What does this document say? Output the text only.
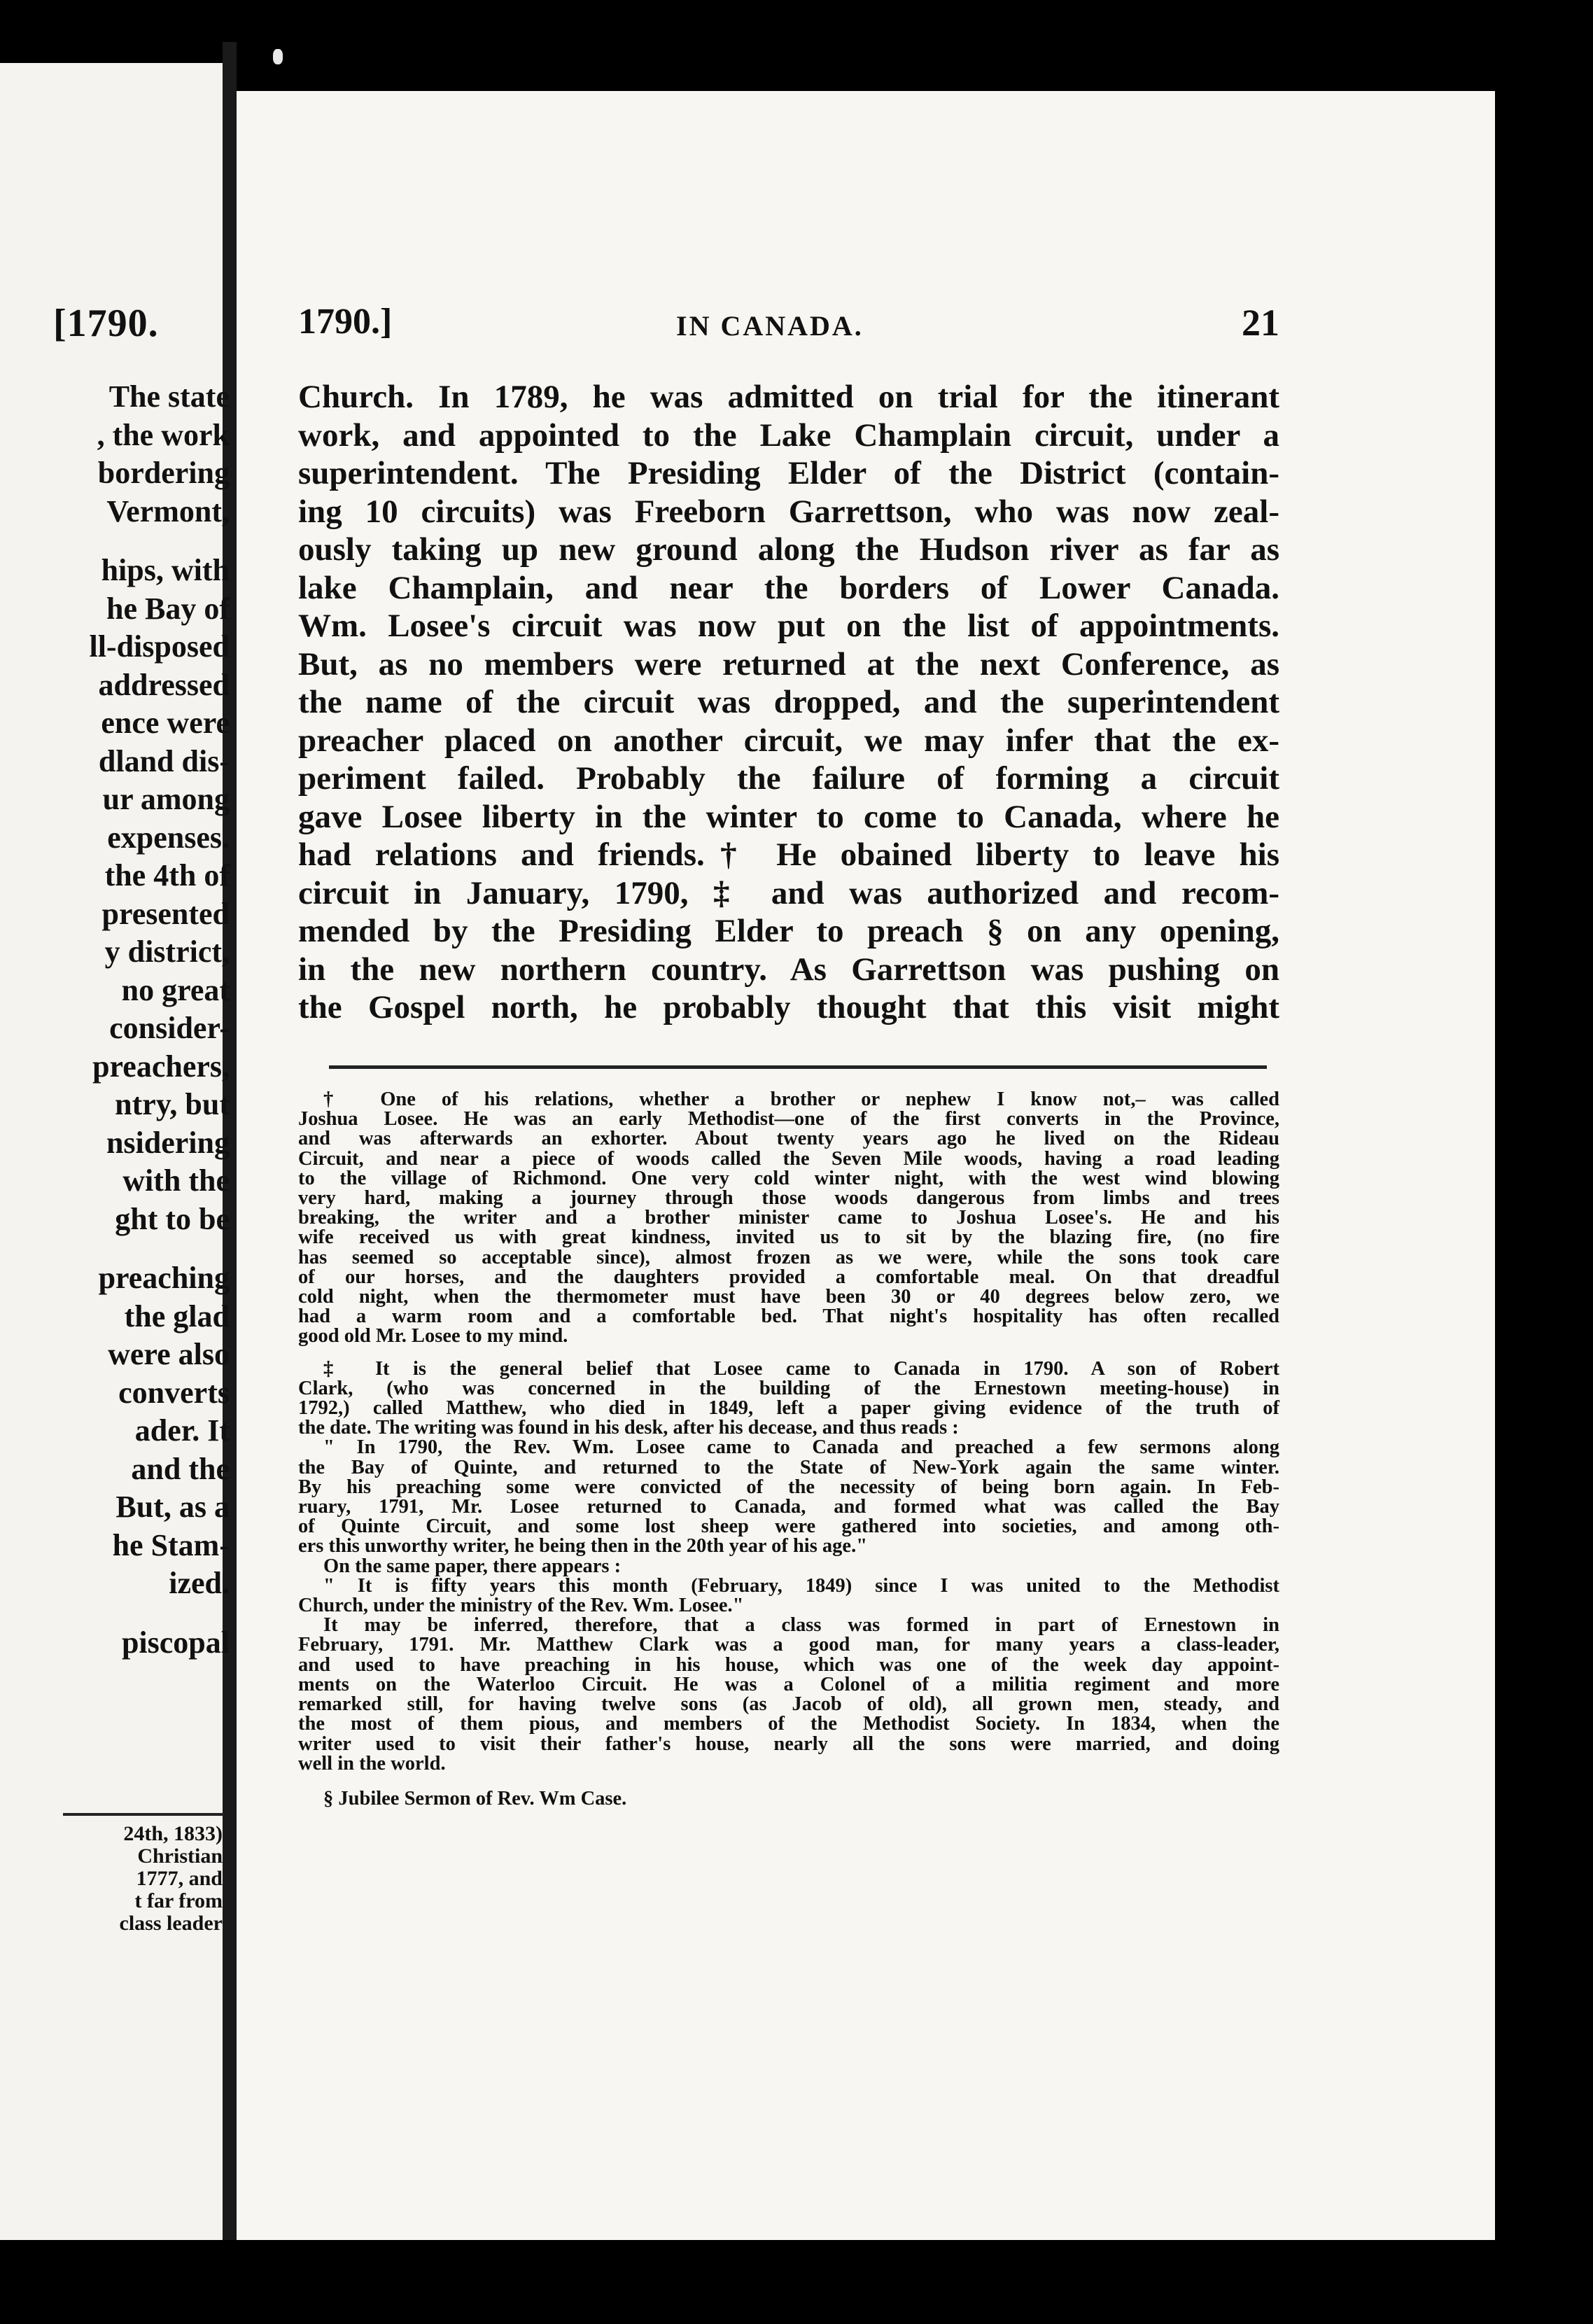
[1790.
The state
, the work
bordering
Vermont,
hips, with
he Bay of
ll-disposed
addressed
ence were
dland dis-
ur among
expenses.
the 4th of
presented
y district,
no great
consider-
preachers,
ntry, but
nsidering
with the
ght to be
preaching
the glad
were also
converts
ader. It
and the
But, as a
he Stam-
ized.
piscopal
24th, 1833)
Christian
1777, and
t far from
class leader
1790.]	IN CANADA.	21
Church. In 1789, he was admitted on trial for the itinerant
work, and appointed to the Lake Champlain circuit, under a
superintendent. The Presiding Elder of the District (contain-
ing 10 circuits) was Freeborn Garrettson, who was now zeal-
ously taking up new ground along the Hudson river as far as
lake Champlain, and near the borders of Lower Canada.
Wm. Losee's circuit was now put on the list of appointments.
But, as no members were returned at the next Conference, as
the name of the circuit was dropped, and the superintendent
preacher placed on another circuit, we may infer that the ex-
periment failed. Probably the failure of forming a circuit
gave Losee liberty in the winter to come to Canada, where he
had relations and friends.† He obained liberty to leave his
circuit in January, 1790, ‡ and was authorized and recom-
mended by the Presiding Elder to preach § on any opening,
in the new northern country. As Garrettson was pushing on
the Gospel north, he probably thought that this visit might
† One of his relations, whether a brother or nephew I know not,– was called
Joshua Losee. He was an early Methodist—one of the first converts in the Province,
and was afterwards an exhorter. About twenty years ago he lived on the Rideau
Circuit, and near a piece of woods called the Seven Mile woods, having a road leading
to the village of Richmond. One very cold winter night, with the west wind blowing
very hard, making a journey through those woods dangerous from limbs and trees
breaking, the writer and a brother minister came to Joshua Losee's. He and his
wife received us with great kindness, invited us to sit by the blazing fire, (no fire
has seemed so acceptable since), almost frozen as we were, while the sons took care
of our horses, and the daughters provided a comfortable meal. On that dreadful
cold night, when the thermometer must have been 30 or 40 degrees below zero, we
had a warm room and a comfortable bed. That night's hospitality has often recalled
good old Mr. Losee to my mind.
‡ It is the general belief that Losee came to Canada in 1790. A son of Robert
Clark, (who was concerned in the building of the Ernestown meeting-house) in
1792,) called Matthew, who died in 1849, left a paper giving evidence of the truth of
the date. The writing was found in his desk, after his decease, and thus reads :
" In 1790, the Rev. Wm. Losee came to Canada and preached a few sermons along
the Bay of Quinte, and returned to the State of New-York again the same winter.
By his preaching some were convicted of the necessity of being born again. In Feb-
ruary, 1791, Mr. Losee returned to Canada, and formed what was called the Bay
of Quinte Circuit, and some lost sheep were gathered into societies, and among oth-
ers this unworthy writer, he being then in the 20th year of his age."
On the same paper, there appears :
" It is fifty years this month (February, 1849) since I was united to the Methodist
Church, under the ministry of the Rev. Wm. Losee."
It may be inferred, therefore, that a class was formed in part of Ernestown in
February, 1791. Mr. Matthew Clark was a good man, for many years a class-leader,
and used to have preaching in his house, which was one of the week day appoint-
ments on the Waterloo Circuit. He was a Colonel of a militia regiment and more
remarked still, for having twelve sons (as Jacob of old), all grown men, steady, and
the most of them pious, and members of the Methodist Society. In 1834, when the
writer used to visit their father's house, nearly all the sons were married, and doing
well in the world.
§ Jubilee Sermon of Rev. Wm Case.
